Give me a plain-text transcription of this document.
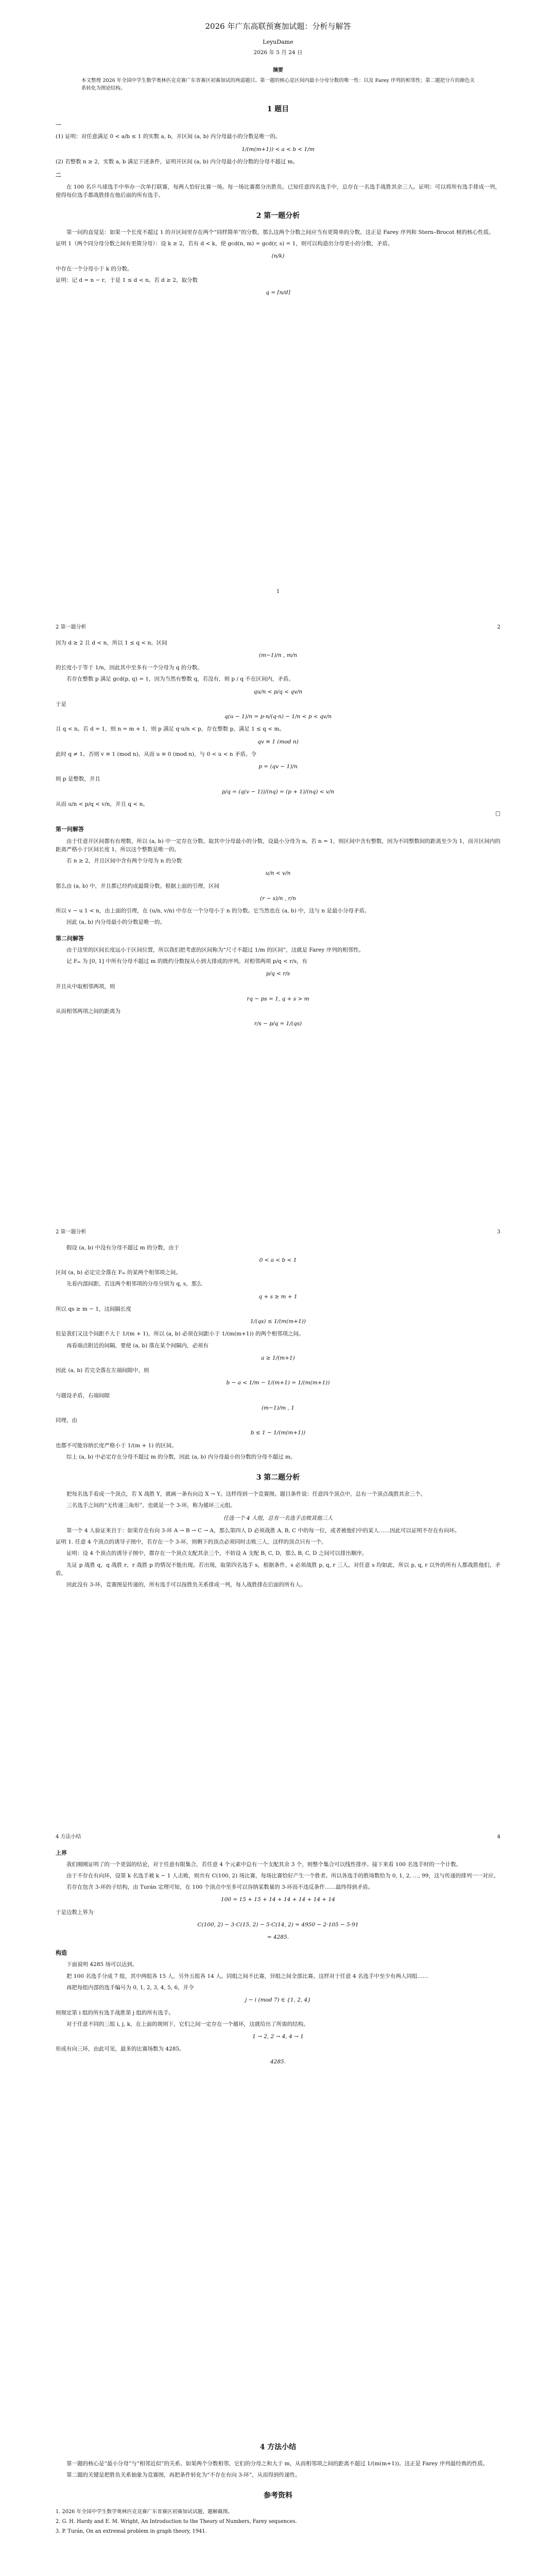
2026 年广东高联预赛加试题：分析与解答
LeyuDame
2026 年 5 月 24 日
摘要
本文整理 2026 年全国中学生数学奥林匹克竞赛广东省赛区初赛加试的两道题目。第一题的核心是区间内最小分母分数的唯一性：以及 Farey 序列的相邻性；第二题把分片的颜色关系转化为图论结构。
1 题目
一

(1) 证明：对任意满足 0 < a/b ≤ 1 的实数 a, b，开区间 (a, b) 内分母最小的分数是唯一的。

1/(m(m+1)) < a < b < 1/m

(2) 若整数 n ≥ 2，实数 a, b 满足下述条件，证明开区间 (a, b) 内分母最小的分数的分母不超过 m。

二

在 100 名乒乓球选手中举办一次单打联赛，每两人恰好比赛一场。每一场比赛都分出胜负。已知任意四名选手中，总存在一名选手战胜其余三人。证明：可以将所有选手排成一列，使得每位选手都战胜排在他后面的所有选手。

2 第一题分析

第一问的直觉是：如果一个长度不超过 1 的开区间里存在两个“同样简单”的分数，那么这两个分数之间应当有更简单的分数。这正是 Farey 序列和 Stern–Brocot 树的核心性质。

证明 1（两个同分母分数之间有更简分母）：设 k ≥ 2，若有 d < k，使 gcd(n, m) = gcd(r, s) = 1，则可以构造出分母更小的分数，矛盾。

(n/k)

中存在一个分母小于 k 的分数。

证明：记 d = n − r，于是 1 ≤ d < n。若 d ≥ 2，取分数

q = ⌈n/d⌉
1
2 第一题分析	2

因为 d ≥ 2 且 d < n，所以 1 ≤ q < n。区间

(m−1)/n , m/n

的长度小于等于 1/n，因此其中至多有一个分母为 q 的分数。

若存在整数 p 满足 gcd(p, q) = 1，因为当然有整数 q，若没有，则 p / q 不在区间内，矛盾。

qu/n < p/q < qv/n

于是

q(u − 1)/n = p·n/(q·n) − 1/n < p < qv/n

且 q < n。若 d = 1，则 n = m + 1，则 p 满足 q·u/n < p，存在整数 p，满足 1 ≤ q < m。

qv ≡ 1 (mod n)

此时 q ≠ 1。否则 v ≡ 1 (mod n)，从而 u ≡ 0 (mod n)，与 0 < u < n 矛盾。令

p = (qv − 1)/n

则 p 是整数，并且

p/q = (q(v − 1))/(nq) = (p + 1)/(nq) < v/n

从而 u/n < p/q < v/n，并且 q < n。

□
第一问解答

由于任意开区间都有有理数，所以 (a, b) 中一定存在分数。取其中分母最小的分数，设最小分母为 n。若 n = 1，则区间中含有整数，因为不同整数间的距离至少为 1，而开区间内的距离严格小于区间长度 1，所以这个整数是唯一的。

若 n ≥ 2，并且区间中含有两个分母为 n 的分数

u/n < v/n

那么由 (a, b) 中，并且都已经约成最简分数。根据上面的引理，区间

(r − s)/n , r/n

所以 v − u 1 < n，由上面的引理，在 (u/n, v/n) 中存在一个分母小于 n 的分数。它当然也在 (a, b) 中，这与 n 是最小分母矛盾。

因此 (a, b) 内分母最小的分数是唯一的。

第二问解答

由于这里的区间长度远小于区间位置，所以我们把考虑的区间称为“尺寸不超过 1/m 的区间”，这就是 Farey 序列的相邻性。

记 Fₘ 为 [0, 1] 中所有分母不超过 m 的既约分数按从小到大排成的序列。对相邻两项 p/q < r/s，有

p/q < r/s

并且从中取相邻两项，则

rq − ps = 1, q + s > m

从而相邻两项之间的距离为

r/s − p/q = 1/(qs)
2 第一题分析	3

假设 (a, b) 中没有分母不超过 m 的分数，由于

0 < a < b < 1

区间 (a, b) 必定完全落在 Fₘ 的某两个相邻项之间。

先看内部间距，若这两个相邻项的分母分别为 q, s，那么

q + s ≥ m + 1

所以 qs ≥ m − 1，这间隔长度

1/(qs) ≤ 1/(m(m+1))

但是我们又这个间距不大于 1/(m + 1)，所以 (a, b) 必须在间距小于 1/(m(m+1)) 的两个相邻项之间。

再看端点附近的间隔，要使 (a, b) 落在某个间隔内，必须有

a ≥ 1/(m+1)

因此 (a, b) 若完全落在左端间隙中，则

b − a < 1/m − 1/(m+1) = 1/(m(m+1))

与题设矛盾，右端间隙

(m−1)/m , 1

同理，由

b ≤ 1 − 1/(m(m+1))

也都不可能容纳长度严格小于 1/(m + 1) 的区间。

综上 (a, b) 中必定存在分母不超过 m 的分数，因此 (a, b) 内分母最小的分数的分母不超过 m。

3 第二题分析

把每名选手看成一个顶点，若 X 战胜 Y，就画一条有向边 X → Y。这样得到一个竞赛图。题目条件说：任意四个顶点中，总有一个顶点战胜其余三个。

三名选手之间的“无传递三角形”，也就是一个 3-环，称为循环三元组。

任选一个 4 人组，总有一名选手击败其他三人

第一个 4 人验证来自于：如果存在有向 3-环 A → B → C → A，那么第四人 D 必须战胜 A, B, C 中的每一位，或者被他们中的某人……因此可以证明不存在有向环。

证明 1. 任意 4 个顶点的诱导子图中，若存在一个 3-环，则剩下的顶点必须同时击败三人，这样的顶点只有一个。

证明：设 4 个顶点的诱导子图中，都存在一个顶点支配其余三个，不妨设 A 支配 B, C, D，那么 B, C, D 之间可以排出顺序。

先证 p 战胜 q，q 战胜 r，r 战胜 p 的情况不能出现。若出现，取第四名选手 s，根据条件，s 必须战胜 p, q, r 三人。对任意 s 均如此，所以 p, q, r 以外的所有人都战胜他们，矛盾。

因此没有 3-环，竞赛图是传递的，所有选手可以按胜负关系排成一列，每人战胜排在后面的所有人。

4 方法小结	4
上界

我们刚刚证明了的一个更弱的结论，对于任意有限集合，若任意 4 个元素中总有一个支配其余 3 个，则整个集合可以线性排序。接下来看 100 名选手时的一个计数。

由于不存在有向环，设第 k 名选手被 k − 1 人击败，则共有 C(100, 2) 场比赛，每场比赛恰好产生一个胜者。所以各选手的胜场数恰为 0, 1, 2, …, 99，这与传递的排列一一对应。

若存在包含 3-环的子结构，由 Turán 定理可知，在 100 个顶点中至多可以容纳某数量的 3-环而不违反条件……最终得到矛盾。

100 = 15 + 15 + 14 + 14 + 14 + 14 + 14

于是边数上界为

C(100, 2) − 3·C(15, 2) − 5·C(14, 2) = 4950 − 2·105 − 5·91
= 4285.
构造

下面说明 4285 场可以达到。

把 100 名选手分成 7 组，其中两组各 15 人，另外五组各 14 人。同组之间不比赛，异组之间全部比赛。这样对于任意 4 名选手中至少有两人同组……

再把每组内部的选手编号为 0, 1, 2, 3, 4, 5, 6，并令

j − i (mod 7) ∈ {1, 2, 4}

则规定第 i 组的所有选手战胜第 j 组的所有选手。

对于任意不同的三组 i, j, k，在上面的规则下，它们之间一定存在一个循环，这就给出了所需的结构。

1 → 2, 2 → 4, 4 → 1

形成有向三环，由此可见，最多的比赛场数为 4285。

4285.
4 方法小结

第一题的核心是“最小分母”与“相邻近似”的关系。如果两个分数相邻，它们的分母之和大于 m，从而相邻项之间的距离不超过 1/(m(m+1))。这正是 Farey 序列最经典的性质。

第二题的关键是把胜负关系抽象为竞赛图，再把条件转化为“不存在有向 3-环”，从而得到传递性。

参考资料

1. 2026 年全国中学生数学奥林匹克竞赛广东省赛区初赛加试试题，题解截图。

2. G. H. Hardy and E. M. Wright, An Introduction to the Theory of Numbers, Farey sequences.

3. P. Turán, On an extremal problem in graph theory, 1941.
